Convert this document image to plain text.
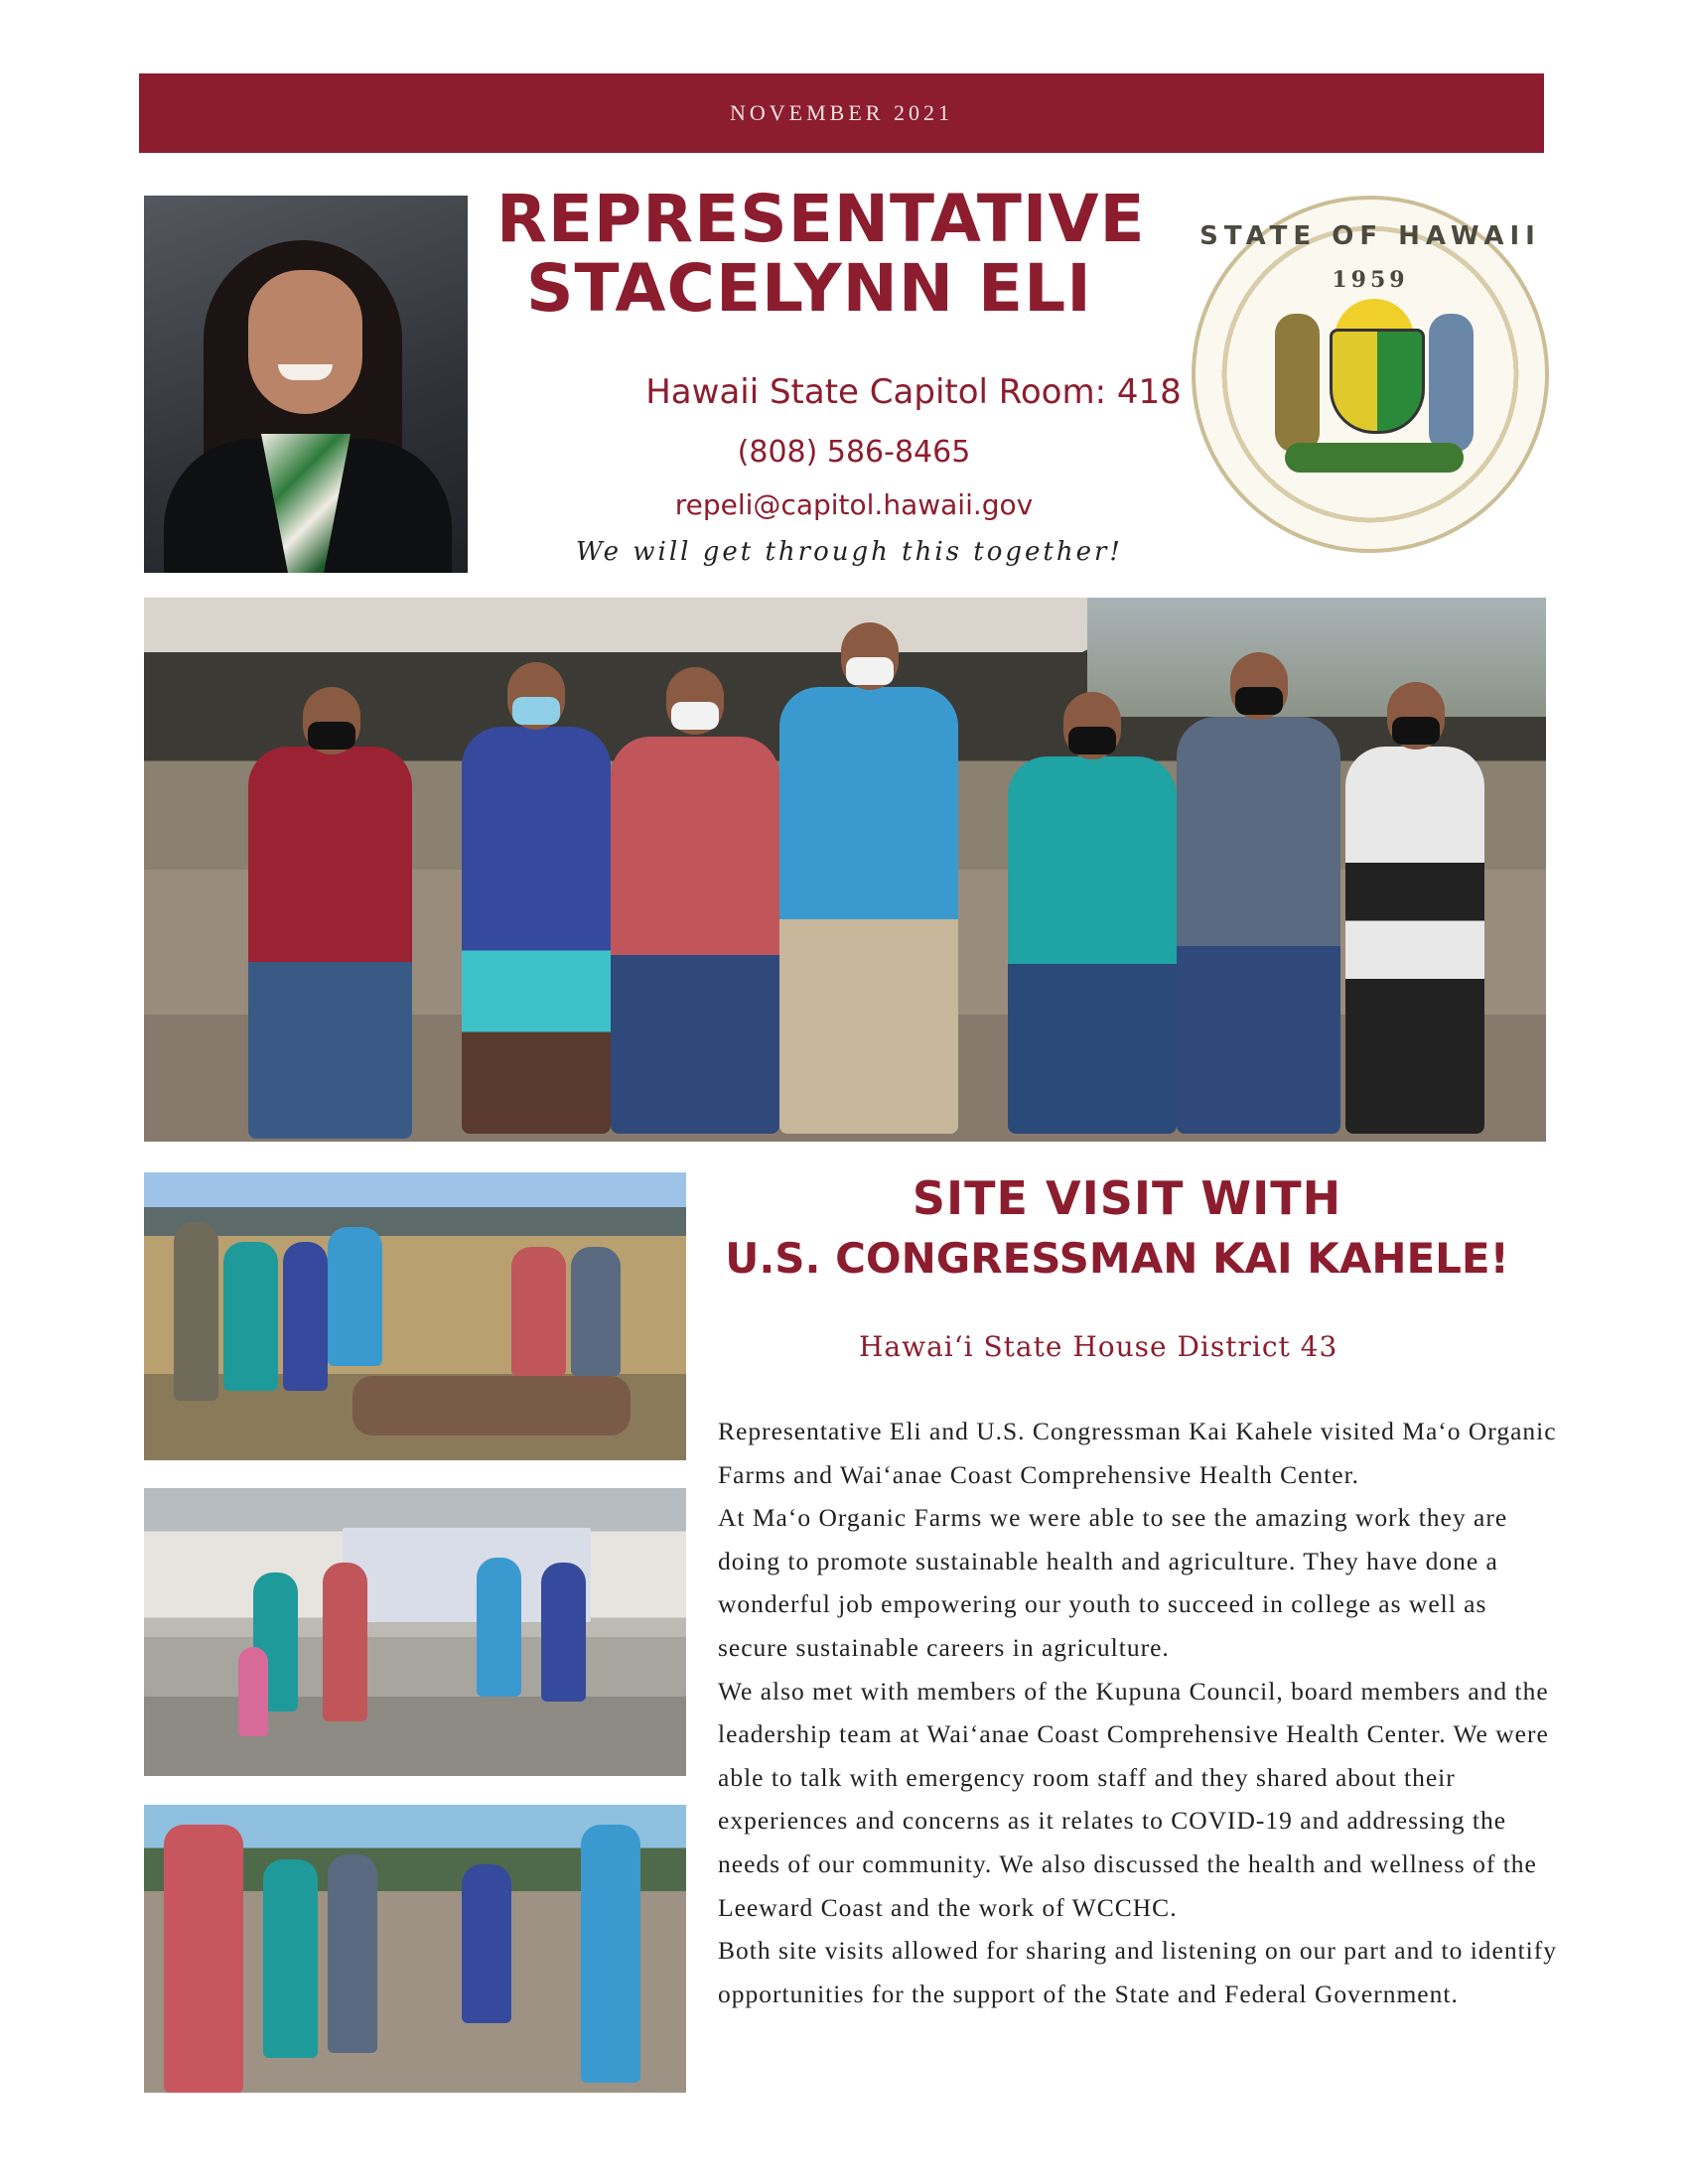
NOVEMBER 2021
REPRESENTATIVE
STACELYNN ELI
Hawaii State Capitol Room: 418
(808) 586-8465
repeli@capitol.hawaii.gov
We will get through this together!
STATE OF HAWAII
1959
SITE VISIT WITH
U.S. CONGRESSMAN KAI KAHELE!
Hawaiʻi State House District 43

Representative Eli and U.S. Congressman Kai Kahele visited Maʻo Organic Farms and Waiʻanae Coast Comprehensive Health Center.

At Maʻo Organic Farms we were able to see the amazing work they are doing to promote sustainable health and agriculture. They have done a wonderful job empowering our youth to succeed in college as well as secure sustainable careers in agriculture.

We also met with members of the Kupuna Council, board members and the leadership team at Waiʻanae Coast Comprehensive Health Center. We were able to talk with emergency room staff and they shared about their experiences and concerns as it relates to COVID-19 and addressing the needs of our community. We also discussed the health and wellness of the Leeward Coast and the work of WCCHC.

Both site visits allowed for sharing and listening on our part and to identify opportunities for the support of the State and Federal Government.
